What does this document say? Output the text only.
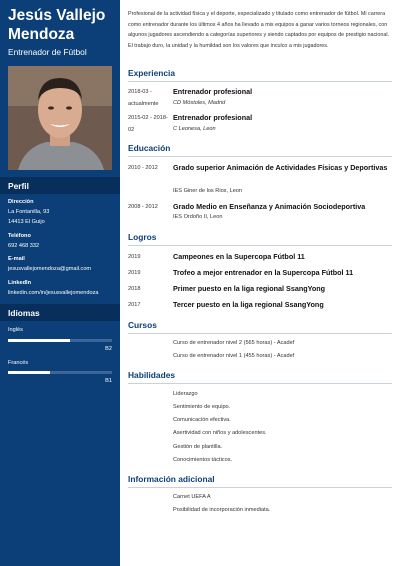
Jesús Vallejo Mendoza
Entrenador de Fútbol
Perfil
Dirección
La Fontanilla, 93
14413 El Guijo
Teléfono
692 468 332
E-mail
jesusvallejomendoza@gmail.com
LinkedIn
linkedin.com/in/jesusvallejomendoza
Idiomas
Inglés
B2
Francés
B1

Profesional de la actividad física y el deporte, especializado y titulado como entrenador de fútbol. Mi carrera como entrenador durante los últimos 4 años ha llevado a mis equipos a ganar varios torneos regionales, con algunos jugadores ascendiendo a categorías superiores y siendo captados por equipos de prestigio nacional. El trabajo duro, la unidad y la humildad son los valores que inculco a mis jugadores.

Experiencia
2018-03 - actualmente
Entrenador profesional
CD Móstoles, Madrid
2015-02 - 2018-02
Entrenador profesional
C Leonesa, Leon
Educación
2010 - 2012	Grado superior Animación de Actividades Físicas y Deportivas
IES Giner de los Rios, Leon
2008 - 2012	Grado Medio en Enseñanza y Animación Sociodeportiva
IES Ordoño II, Leon
Logros
2019	Campeones en la Supercopa Fútbol 11
2019	Trofeo a mejor entrenador en la Supercopa Fútbol 11
2018	Primer puesto en la liga regional SsangYong
2017	Tercer puesto en la liga regional SsangYong
Cursos
Curso de entrenador nivel 2 (565 horas) - Acadef
Curso de entrenador nivel 1 (455 horas) - Acadef
Habilidades
Liderazgo
Sentimiento de equipo.
Comunicación efectiva.
Asertividad con niños y adolescentes.
Gestión de plantilla.
Conocimientos tácticos.
Información adicional
Carnet UEFA A
Posibilidad de incorporación inmediata.
